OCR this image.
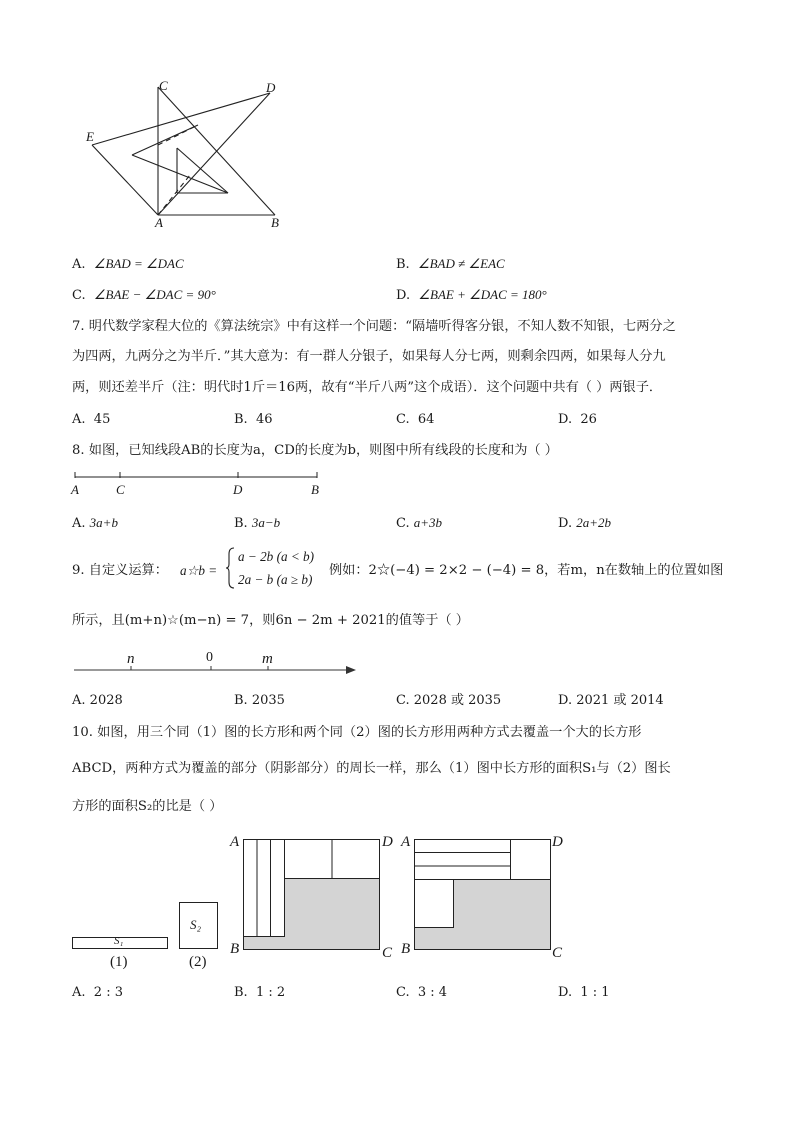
C	D
E
A	B
A. ∠BAD = ∠DAC	B. ∠BAD ≠ ∠EAC
C. ∠BAE − ∠DAC = 90°	D. ∠BAE + ∠DAC = 180°
7. 明代数学家程大位的《算法统宗》中有这样一个问题：“隔墙听得客分银，不知人数不知银，七两分之
为四两，九两分之为半斤．”其大意为：有一群人分银子，如果每人分七两，则剩余四两，如果每人分九
两，则还差半斤（注：明代时1斤＝16两，故有“半斤八两”这个成语）．这个问题中共有（ ）两银子．
A. 45	B. 46	C. 64	D. 26
8. 如图，已知线段AB的长度为a，CD的长度为b，则图中所有线段的长度和为（ ）
A	C	D	B
A. 3a+b	B. 3a−b	C. a+3b	D. 2a+2b
9. 自定义运算： a☆b =
a − 2b (a < b)
2a − b (a ≥ b)
例如：2☆(−4) = 2×2 − (−4) = 8，若m，n在数轴上的位置如图
所示，且(m+n)☆(m−n) = 7，则6n − 2m + 2021的值等于（ ）
n	0	m
A. 2028	B. 2035	C. 2028 或 2035	D. 2021 或 2014
10. 如图，用三个同（1）图的长方形和两个同（2）图的长方形用两种方式去覆盖一个大的长方形
ABCD，两种方式为覆盖的部分（阴影部分）的周长一样，那么（1）图中长方形的面积S₁与（2）图长
方形的面积S₂的比是（ ）
S₁
S₂
(1)	(2)
A	D
B	C
A	D
B	C
A. 2 : 3	B. 1 : 2	C. 3 : 4	D. 1 : 1
